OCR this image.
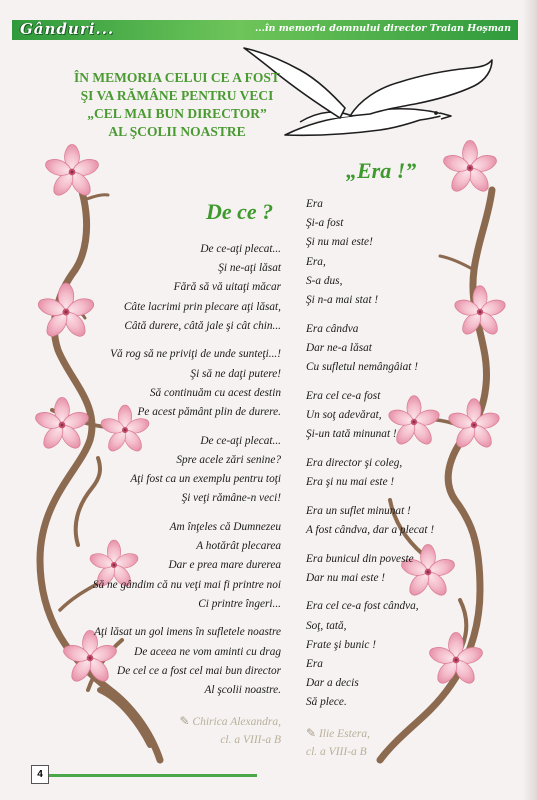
Gânduri...	...în memoria domnului director Traian Hoşman
ÎN MEMORIA CELUI CE A FOST
ŞI VA RĂMÂNE PENTRU VECI
„CEL MAI BUN DIRECTOR”
AL ŞCOLII NOASTRE
De ce ?
„Era !”
De ce-aţi plecat...
Şi ne-aţi lăsat
Fără să vă uitaţi măcar
Câte lacrimi prin plecare aţi lăsat,
Câtă durere, câtă jale şi cât chin...
Vă rog să ne priviţi de unde sunteţi...!
Şi să ne daţi putere!
Să continuăm cu acest destin
Pe acest pământ plin de durere.
De ce-aţi plecat...
Spre acele zări senine?
Aţi fost ca un exemplu pentru toţi
Şi veţi rămâne-n veci!
Am înţeles că Dumnezeu
A hotărât plecarea
Dar e prea mare durerea
Să ne gândim că nu veţi mai fi printre noi
Ci printre îngeri...
Aţi lăsat un gol imens în sufletele noastre
De aceea ne vom aminti cu drag
De cel ce a fost cel mai bun director
Al şcolii noastre.
Era
Şi-a fost
Şi nu mai este!
Era,
S-a dus,
Şi n-a mai stat !
Era cândva
Dar ne-a lăsat
Cu sufletul nemângâiat !
Era cel ce-a fost
Un soţ adevărat,
Şi-un tată minunat !
Era director şi coleg,
Era şi nu mai este !
Era un suflet minunat !
A fost cândva, dar a plecat !
Era bunicul din poveste
Dar nu mai este !
Era cel ce-a fost cândva,
Soţ, tată,
Frate şi bunic !
Era
Dar a decis
Să plece.
✎ Chirica Alexandra,
cl. a VIII-a B
✎ Ilie Estera,
cl. a VIII-a B
4
